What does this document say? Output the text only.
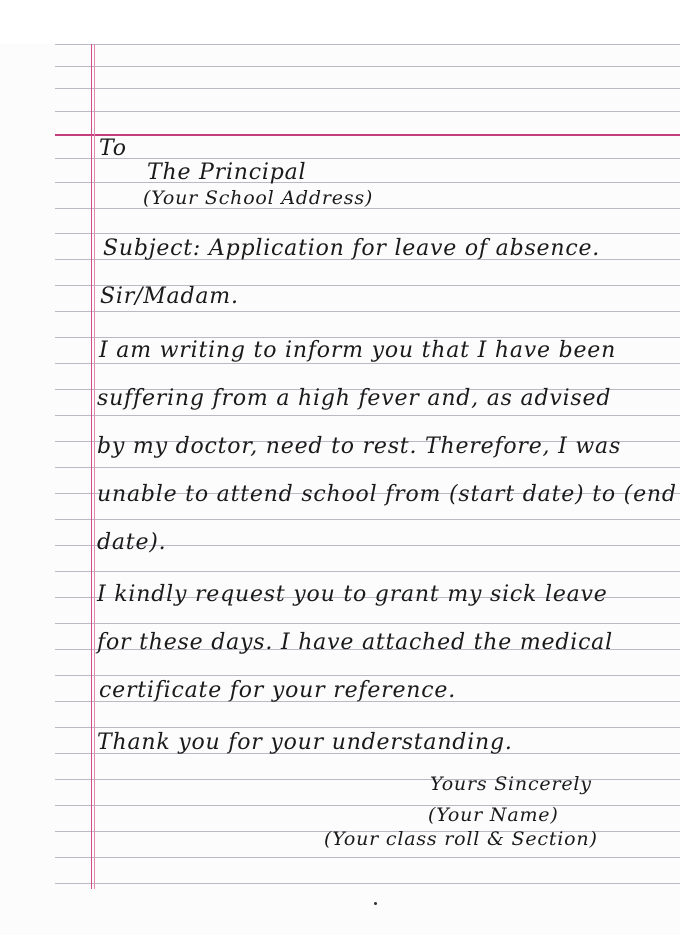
To
The Principal
(Your School Address)
Subject: Application for leave of absence.
Sir/Madam.
I am writing to inform you that I have been
suffering from a high fever and, as advised
by my doctor, need to rest. Therefore, I was
unable to attend school from (start date) to (end
date).
I kindly request you to grant my sick leave
for these days. I have attached the medical
certificate for your reference.
Thank you for your understanding.
Yours Sincerely
(Your Name)
(Your class roll & Section)
